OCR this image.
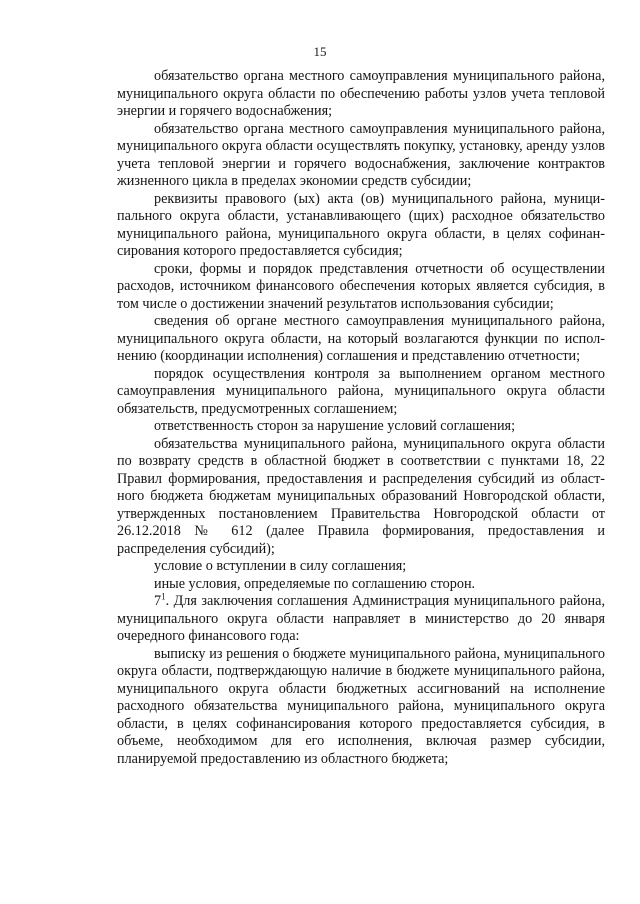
15

обязательство органа местного самоуправления муниципального района, муниципального округа области по обеспечению работы узлов учета тепловой энергии и горячего водоснабжения;

обязательство органа местного самоуправления муниципального района, муниципального округа области осуществлять покупку, установку, аренду узлов учета тепловой энергии и горячего водоснабжения, заключение контрактов жизненного цикла в пределах экономии средств субсидии;

реквизиты правового (ых) акта (ов) муниципального района, муниципального округа области, устанавливающего (щих) расходное обязательство муниципального района, муниципального округа области, в целях софинансирования которого предоставляется субсидия;

сроки, формы и порядок представления отчетности об осуществлении расходов, источником финансового обеспечения которых является субсидия, в том числе о достижении значений результатов использования субсидии;

сведения об органе местного самоуправления муниципального района, муниципального округа области, на который возлагаются функции по исполнению (координации исполнения) соглашения и представлению отчетности;

порядок осуществления контроля за выполнением органом местного самоуправления муниципального района, муниципального округа области обязательств, предусмотренных соглашением;

ответственность сторон за нарушение условий соглашения;

обязательства муниципального района, муниципального округа области по возврату средств в областной бюджет в соответствии с пунктами 18, 22 Правил формирования, предоставления и распределения субсидий из областного бюджета бюджетам муниципальных образований Новгородской области, утвержденных постановлением Правительства Новгородской области от 26.12.2018 № 612 (далее Правила формирования, предоставления и распределения субсидий);

условие о вступлении в силу соглашения;

иные условия, определяемые по соглашению сторон.

$7^1$. Для заключения соглашения Администрация муниципального района, муниципального округа области направляет в министерство до 20 января очередного финансового года:

выписку из решения о бюджете муниципального района, муниципального округа области, подтверждающую наличие в бюджете муниципального района, муниципального округа области бюджетных ассигнований на исполнение расходного обязательства муниципального района, муниципального округа области, в целях софинансирования которого предоставляется субсидия, в объеме, необходимом для его исполнения, включая размер субсидии, планируемой предоставлению из областного бюджета;
